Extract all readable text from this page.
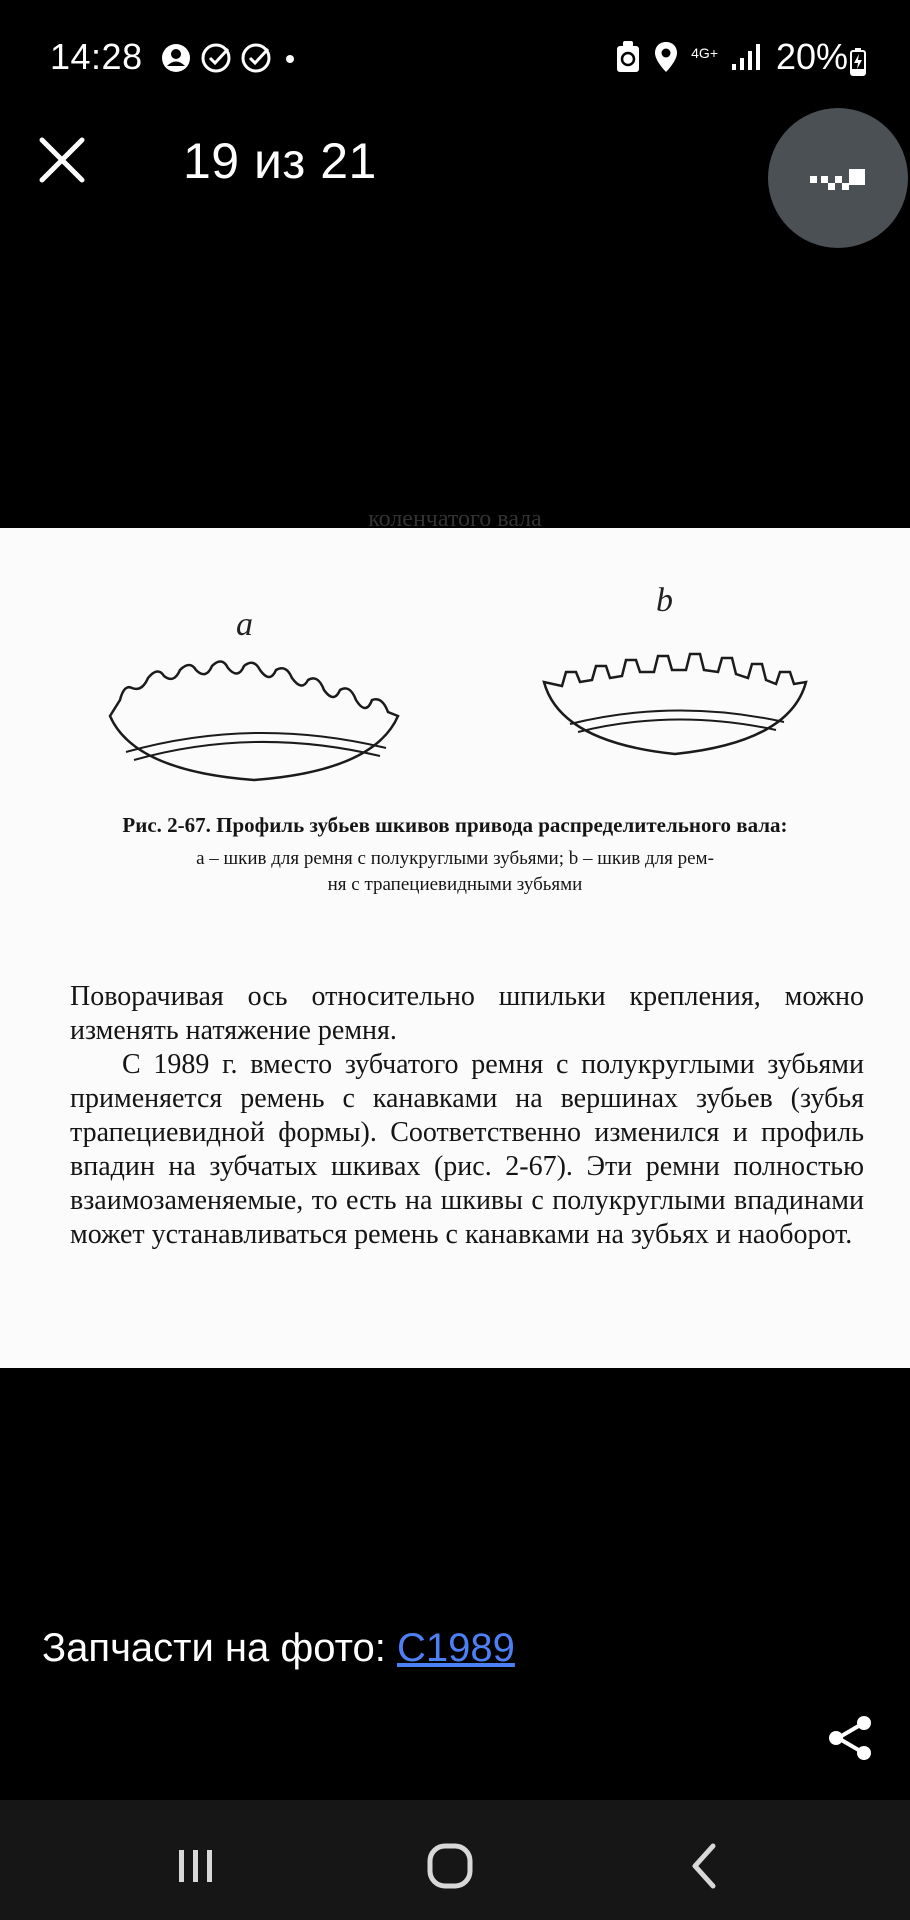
14:28	4G+ 20%
19 из 21
коленчатого вала
a
b
Рис. 2-67. Профиль зубьев шкивов привода распределительного вала:
a – шкив для ремня с полукруглыми зубьями; b – шкив для рем-
ня с трапециевидными зубьями

Поворачивая ось относительно шпильки крепления, можно изменять натяжение ремня.

С 1989 г. вместо зубчатого ремня с полукруглыми зубьями применяется ремень с канавками на вершинах зубьев (зубья трапециевидной формы). Соответственно изменился и профиль впадин на зубчатых шкивах (рис. 2-67). Эти ремни полностью взаимозаменяемые, то есть на шкивы с полукруглыми впадинами может устанавливаться ремень с канавками на зубьях и наоборот.

Запчасти на фото: C1989
